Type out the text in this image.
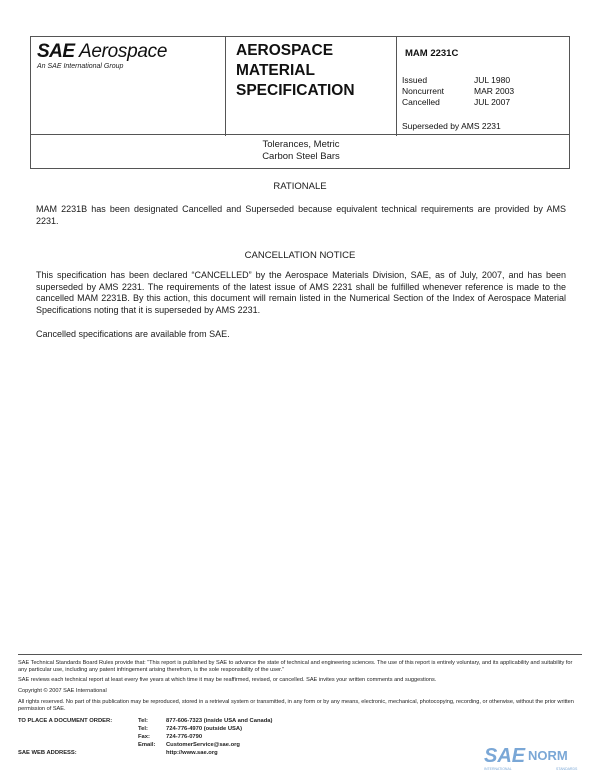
SAE Aerospace
An SAE International Group
AEROSPACE
MATERIAL
SPECIFICATION
MAM 2231C
Issued	JUL 1980
Noncurrent	MAR 2003
Cancelled	JUL 2007
Superseded by AMS 2231
Tolerances, Metric
Carbon Steel Bars
RATIONALE
MAM 2231B has been designated Cancelled and Superseded because equivalent technical requirements are provided by AMS 2231.
CANCELLATION NOTICE
This specification has been declared “CANCELLED” by the Aerospace Materials Division, SAE, as of July, 2007, and has been superseded by AMS 2231. The requirements of the latest issue of AMS 2231 shall be fulfilled whenever reference is made to the cancelled MAM 2231B. By this action, this document will remain listed in the Numerical Section of the Index of Aerospace Material Specifications noting that it is superseded by AMS 2231.
Cancelled specifications are available from SAE.
SAE Technical Standards Board Rules provide that: “This report is published by SAE to advance the state of technical and engineering sciences. The use of this report is entirely voluntary, and its applicability and suitability for any particular use, including any patent infringement arising therefrom, is the sole responsibility of the user.”
SAE reviews each technical report at least every five years at which time it may be reaffirmed, revised, or cancelled. SAE invites your written comments and suggestions.
Copyright © 2007 SAE International
All rights reserved. No part of this publication may be reproduced, stored in a retrieval system or transmitted, in any form or by any means, electronic, mechanical, photocopying, recording, or otherwise, without the prior written permission of SAE.
TO PLACE A DOCUMENT ORDER:	Tel:	877-606-7323 (inside USA and Canada)
Tel:	724-776-4970 (outside USA)
Fax:	724-776-0790
Email:	CustomerService@sae.org
SAE WEB ADDRESS:	http://www.sae.org	SAE NORM
INTERNATIONAL	STANDARDS
